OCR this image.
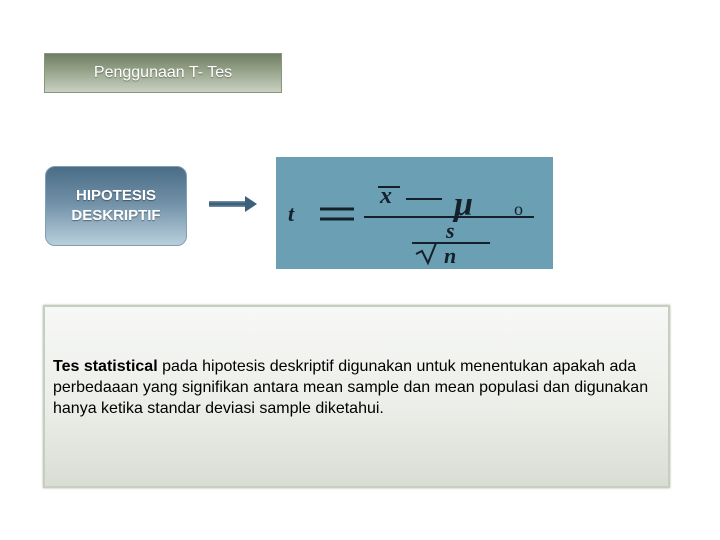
Penggunaan T- Tes
HIPOTESIS
DESKRIPTIF	t
x μ o
s
n
Tes statistical pada hipotesis deskriptif digunakan untuk menentukan apakah ada perbedaaan yang signifikan antara mean sample dan mean populasi dan digunakan hanya ketika standar deviasi sample diketahui.
